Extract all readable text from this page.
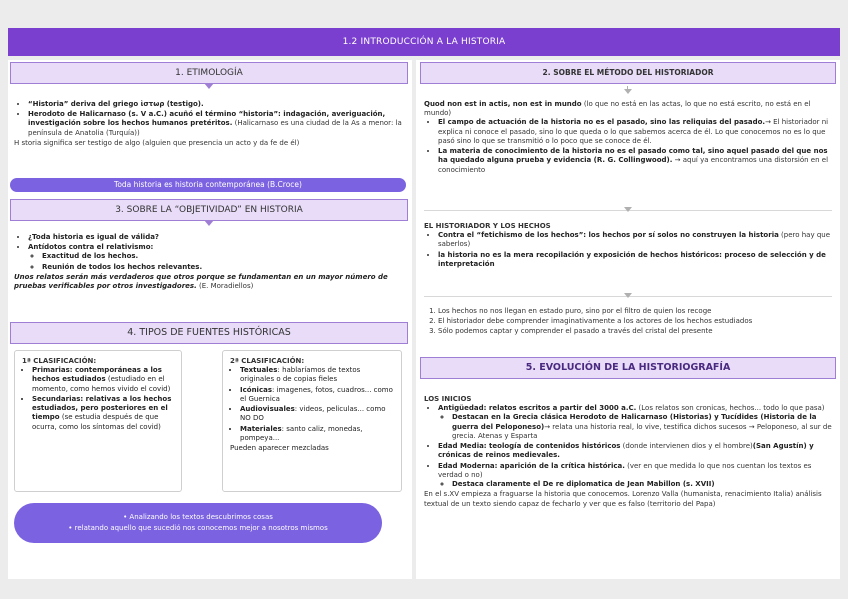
1.2 INTRODUCCIÓN A LA HISTORIA
1. ETIMOLOGÍA
• “Historia” deriva del griego ἱστωρ (testigo).
• Herodoto de Halicarnaso (s. V a.C.) acuñó el término “historia”: indagación, averiguación, investigación sobre los hechos humanos pretéritos. (Halicarnaso es una ciudad de la As a menor: la península de Anatolia (Turquía))
H storia significa ser testigo de algo (alguien que presencia un acto y da fe de él)
Toda historia es historia contemporánea (B.Croce)
3. SOBRE LA “OBJETIVIDAD” EN HISTORIA
• ¿Toda historia es igual de válida?
• Antídotos contra el relativismo:
◦ Exactitud de los hechos.
◦ Reunión de todos los hechos relevantes.
Unos relatos serán más verdaderos que otros porque se fundamentan en un mayor número de pruebas verificables por otros investigadores. (E. Moradiellos)
4. TIPOS DE FUENTES HISTÓRICAS
1ª CLASIFICACIÓN:
• Primarias: contemporáneas a los hechos estudiados (estudiado en el momento, como hemos vivido el covid)
• Secundarias: relativas a los hechos estudiados, pero posteriores en el tiempo (se estudia después de que ocurra, como los síntomas del covid)
2ª CLASIFICACIÓN:
• Textuales: hablaríamos de textos originales o de copias fieles
• Icónicas: imagenes, fotos, cuadros... como el Guernica
• Audiovisuales: videos, peliculas... como NO DO
• Materiales: santo caliz, monedas, pompeya...
Pueden aparecer mezcladas
• Analizando los textos descubrimos cosas
• relatando aquello que sucedió nos conocemos mejor a nosotros mismos
2. SOBRE EL MÉTODO DEL HISTORIADOR
Quod non est in actis, non est in mundo (lo que no está en las actas, lo que no está escrito, no está en el mundo)
• El campo de actuación de la historia no es el pasado, sino las reliquias del pasado.→ El historiador ni explica ni conoce el pasado, sino lo que queda o lo que sabemos acerca de él. Lo que conocemos no es lo que pasó sino lo que se transmitió o lo poco que se conoce de él.
• La materia de conocimiento de la historia no es el pasado como tal, sino aquel pasado del que nos ha quedado alguna prueba y evidencia (R. G. Collingwood). → aquí ya encontramos una distorsión en el conocimiento
EL HISTORIADOR Y LOS HECHOS
• Contra el “fetichismo de los hechos”: los hechos por sí solos no construyen la historia (pero hay que saberlos)
• la historia no es la mera recopilación y exposición de hechos históricos: proceso de selección y de interpretación
1. Los hechos no nos llegan en estado puro, sino por el filtro de quien los recoge
2. El historiador debe comprender imaginativamente a los actores de los hechos estudiados
3. Sólo podemos captar y comprender el pasado a través del cristal del presente
5. EVOLUCIÓN DE LA HISTORIOGRAFÍA
LOS INICIOS
• Antigüedad: relatos escritos a partir del 3000 a.C. (Los relatos son cronicas, hechos... todo lo que pasa)
◦ Destacan en la Grecia clásica Herodoto de Halicarnaso (Historias) y Tucídides (Historia de la guerra del Peloponeso)→ relata una historia real, lo vive, testifica dichos sucesos → Peloponeso, al sur de grecia. Atenas y Esparta
• Edad Media: teología de contenidos históricos (donde intervienen dios y el hombre)(San Agustín) y crónicas de reinos medievales.
• Edad Moderna: aparición de la crítica histórica. (ver en que medida lo que nos cuentan los textos es verdad o no)
◦ Destaca claramente el De re diplomatica de Jean Mabillon (s. XVII)
En el s.XV empieza a fraguarse la historia que conocemos. Lorenzo Valla (humanista, renacimiento Italia) análisis textual de un texto siendo capaz de fecharlo y ver que es falso (territorio del Papa)
